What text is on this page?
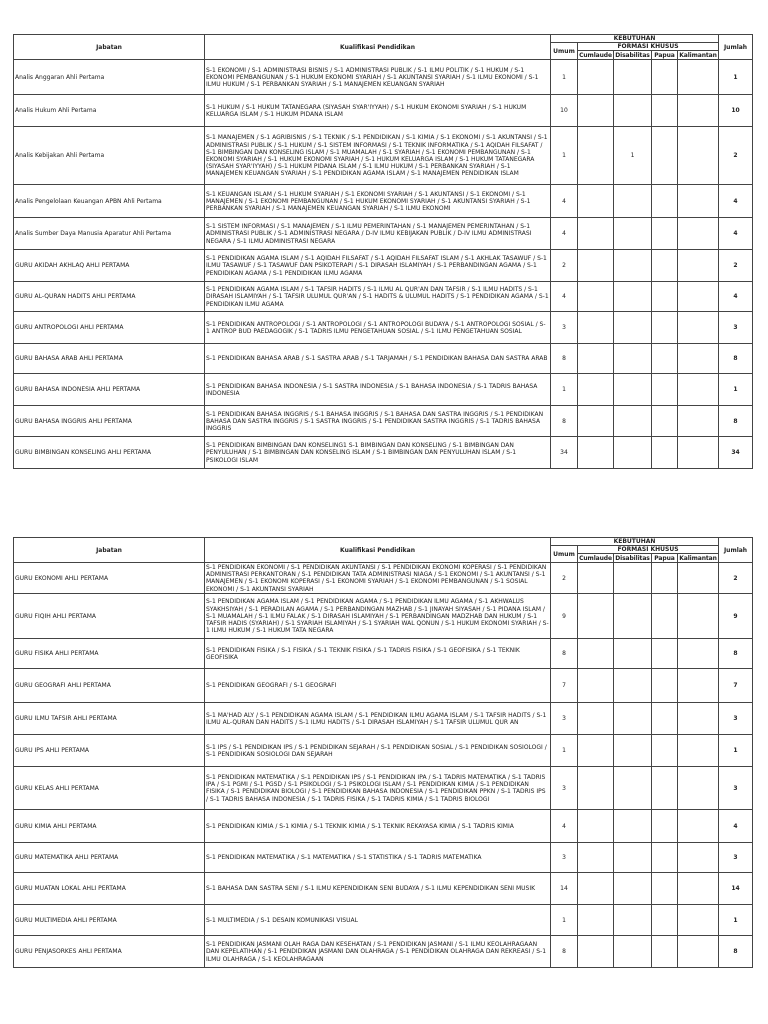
Jabatan	Kualifikasi Pendidikan	KEBUTUHAN					Jumlah
		Umum	FORMASI KHUSUS				
			Cumlaude	Disabilitas	Papua	Kalimantan	
Analis Anggaran Ahli Pertama	S-1 EKONOMI / S-1 ADMINISTRASI BISNIS / S-1 ADMINISTRASI PUBLIK / S-1 ILMU POLITIK / S-1 HUKUM / S-1 EKONOMI PEMBANGUNAN / S-1 HUKUM EKONOMI SYARIAH / S-1 AKUNTANSI SYARIAH / S-1 ILMU EKONOMI / S-1 ILMU HUKUM / S-1 PERBANKAN SYARIAH / S-1 MANAJEMEN KEUANGAN SYARIAH	1					1
Analis Hukum Ahli Pertama	S-1 HUKUM / S-1 HUKUM TATANEGARA (SIYASAH SYAR'IYYAH) / S-1 HUKUM EKONOMI SYARIAH / S-1 HUKUM KELUARGA ISLAM / S-1 HUKUM PIDANA ISLAM	10					10
Analis Kebijakan Ahli Pertama	S-1 MANAJEMEN / S-1 AGRIBISNIS / S-1 TEKNIK / S-1 PENDIDIKAN / S-1 KIMIA / S-1 EKONOMI / S-1 AKUNTANSI / S-1 ADMINISTRASI PUBLIK / S-1 HUKUM / S-1 SISTEM INFORMASI / S-1 TEKNIK INFORMATIKA / S-1 AQIDAH FILSAFAT / S-1 BIMBINGAN DAN KONSELING ISLAM / S-1 MUAMALAH / S-1 SYARIAH / S-1 EKONOMI PEMBANGUNAN / S-1 EKONOMI SYARIAH / S-1 HUKUM EKONOMI SYARIAH / S-1 HUKUM KELUARGA ISLAM / S-1 HUKUM TATANEGARA (SIYASAH SYAR'IYYAH) / S-1 HUKUM PIDANA ISLAM / S-1 ILMU HUKUM / S-1 PERBANKAN SYARIAH / S-1 MANAJEMEN KEUANGAN SYARIAH / S-1 PENDIDIKAN AGAMA ISLAM / S-1 MANAJEMEN PENDIDIKAN ISLAM	1		1			2
Analis Pengelolaan Keuangan APBN Ahli Pertama	S-1 KEUANGAN ISLAM / S-1 HUKUM SYARIAH / S-1 EKONOMI SYARIAH / S-1 AKUNTANSI / S-1 EKONOMI / S-1 MANAJEMEN / S-1 EKONOMI PEMBANGUNAN / S-1 HUKUM EKONOMI SYARIAH / S-1 AKUNTANSI SYARIAH / S-1 PERBANKAN SYARIAH / S-1 MANAJEMEN KEUANGAN SYARIAH / S-1 ILMU EKONOMI	4					4
Analis Sumber Daya Manusia Aparatur Ahli Pertama	S-1 SISTEM INFORMASI / S-1 MANAJEMEN / S-1 ILMU PEMERINTAHAN / S-1 MANAJEMEN PEMERINTAHAN / S-1 ADMINISTRASI PUBLIK / S-1 ADMINISTRASI NEGARA / D-IV ILMU KEBIJAKAN PUBLIK / D-IV ILMU ADMINISTRASI NEGARA / S-1 ILMU ADMINISTRASI NEGARA	4					4
GURU AKIDAH AKHLAQ AHLI PERTAMA	S-1 PENDIDIKAN AGAMA ISLAM / S-1 AQIDAH FILSAFAT / S-1 AQIDAH FILSAFAT ISLAM / S-1 AKHLAK TASAWUF / S-1 ILMU TASAWUF / S-1 TASAWUF DAN PSIKOTERAPI / S-1 DIRASAH ISLAMIYAH / S-1 PERBANDINGAN AGAMA / S-1 PENDIDIKAN AGAMA / S-1 PENDIDIKAN ILMU AGAMA	2					2
GURU AL-QURAN HADITS AHLI PERTAMA	S-1 PENDIDIKAN AGAMA ISLAM / S-1 TAFSIR HADITS / S-1 ILMU AL QUR'AN DAN TAFSIR / S-1 ILMU HADITS / S-1 DIRASAH ISLAMIYAH / S-1 TAFSIR ULUMUL QUR'AN / S-1 HADITS & ULUMUL HADITS / S-1 PENDIDIKAN AGAMA / S-1 PENDIDIKAN ILMU AGAMA	4					4
GURU ANTROPOLOGI AHLI PERTAMA	S-1 PENDIDIKAN ANTROPOLOGI / S-1 ANTROPOLOGI / S-1 ANTROPOLOGI BUDAYA / S-1 ANTROPOLOGI SOSIAL / S-1 ANTROP BUD PAEDAGOGIK / S-1 TADRIS ILMU PENGETAHUAN SOSIAL / S-1 ILMU PENGETAHUAN SOSIAL	3					3
GURU BAHASA ARAB AHLI PERTAMA	S-1 PENDIDIKAN BAHASA ARAB / S-1 SASTRA ARAB / S-1 TARJAMAH / S-1 PENDIDIKAN BAHASA DAN SASTRA ARAB	8					8
GURU BAHASA INDONESIA AHLI PERTAMA	S-1 PENDIDIKAN BAHASA INDONESIA / S-1 SASTRA INDONESIA / S-1 BAHASA INDONESIA / S-1 TADRIS BAHASA INDONESIA	1					1
GURU BAHASA INGGRIS AHLI PERTAMA	S-1 PENDIDIKAN BAHASA INGGRIS / S-1 BAHASA INGGRIS / S-1 BAHASA DAN SASTRA INGGRIS / S-1 PENDIDIKAN BAHASA DAN SASTRA INGGRIS / S-1 SASTRA INGGRIS / S-1 PENDIDIKAN SASTRA INGGRIS / S-1 TADRIS BAHASA INGGRIS	8					8
GURU BIMBINGAN KONSELING AHLI PERTAMA	S-1 PENDIDIKAN BIMBINGAN DAN KONSELING1 S-1 BIMBINGAN DAN KONSELING / S-1 BIMBINGAN DAN PENYULUHAN / S-1 BIMBINGAN DAN KONSELING ISLAM / S-1 BIMBINGAN DAN PENYULUHAN ISLAM / S-1 PSIKOLOGI ISLAM	34					34
Jabatan	Kualifikasi Pendidikan	KEBUTUHAN					Jumlah
		Umum	FORMASI KHUSUS				
			Cumlaude	Disabilitas	Papua	Kalimantan	
GURU EKONOMI AHLI PERTAMA	S-1 PENDIDIKAN EKONOMI / S-1 PENDIDIKAN AKUNTANSI / S-1 PENDIDIKAN EKONOMI KOPERASI / S-1 PENDIDIKAN ADMINISTRASI PERKANTORAN / S-1 PENDIDIKAN TATA ADMINISTRASI NIAGA / S-1 EKONOMI / S-1 AKUNTANSI / S-1 MANAJEMEN / S-1 EKONOMI KOPERASI / S-1 EKONOMI SYARIAH / S-1 EKONOMI PEMBANGUNAN / S-1 SOSIAL EKONOMI / S-1 AKUNTANSI SYARIAH	2					2
GURU FIQIH AHLI PERTAMA	S-1 PENDIDIKAN AGAMA ISLAM / S-1 PENDIDIKAN AGAMA / S-1 PENDIDIKAN ILMU AGAMA / S-1 AKHWALUS SYAKHSIYAH / S-1 PERADILAN AGAMA / S-1 PERBANDINGAN MAZHAB / S-1 JINAYAH SIYASAH / S-1 PIDANA ISLAM / S-1 MUAMALAH / S-1 ILMU FALAK / S-1 DIRASAH ISLAMIYAH / S-1 PERBANDINGAN MADZHAB DAN HUKUM / S-1 TAFSIR HADIS (SYARIAH) / S-1 SYARIAH ISLAMIYAH / S-1 SYARIAH WAL QONUN / S-1 HUKUM EKONOMI SYARIAH / S-1 ILMU HUKUM / S-1 HUKUM TATA NEGARA	9					9
GURU FISIKA AHLI PERTAMA	S-1 PENDIDIKAN FISIKA / S-1 FISIKA / S-1 TEKNIK FISIKA / S-1 TADRIS FISIKA / S-1 GEOFISIKA / S-1 TEKNIK GEOFISIKA	8					8
GURU GEOGRAFI AHLI PERTAMA	S-1 PENDIDIKAN GEOGRAFI / S-1 GEOGRAFI	7					7
GURU ILMU TAFSIR AHLI PERTAMA	S-1 MA'HAD ALY / S-1 PENDIDIKAN AGAMA ISLAM / S-1 PENDIDIKAN ILMU AGAMA ISLAM / S-1 TAFSIR HADITS / S-1 ILMU AL-QURAN DAN HADITS / S-1 ILMU HADITS / S-1 DIRASAH ISLAMIYAH / S-1 TAFSIR ULUMUL QUR AN	3					3
GURU IPS AHLI PERTAMA	S-1 IPS / S-1 PENDIDIKAN IPS / S-1 PENDIDIKAN SEJARAH / S-1 PENDIDIKAN SOSIAL / S-1 PENDIDIKAN SOSIOLOGI / S-1 PENDIDIKAN SOSIOLOGI DAN SEJARAH	1					1
GURU KELAS AHLI PERTAMA	S-1 PENDIDIKAN MATEMATIKA / S-1 PENDIDIKAN IPS / S-1 PENDIDIKAN IPA / S-1 TADRIS MATEMATIKA / S-1 TADRIS IPA / S-1 PGMI / S-1 PGSD / S-1 PSIKOLOGI / S-1 PSIKOLOGI ISLAM / S-1 PENDIDIKAN KIMIA / S-1 PENDIDIKAN FISIKA / S-1 PENDIDIKAN BIOLOGI / S-1 PENDIDIKAN BAHASA INDONESIA / S-1 PENDIDIKAN PPKN / S-1 TADRIS IPS / S-1 TADRIS BAHASA INDONESIA / S-1 TADRIS FISIKA / S-1 TADRIS KIMIA / S-1 TADRIS BIOLOGI	3					3
GURU KIMIA AHLI PERTAMA	S-1 PENDIDIKAN KIMIA / S-1 KIMIA / S-1 TEKNIK KIMIA / S-1 TEKNIK REKAYASA KIMIA / S-1 TADRIS KIMIA	4					4
GURU MATEMATIKA AHLI PERTAMA	S-1 PENDIDIKAN MATEMATIKA / S-1 MATEMATIKA / S-1 STATISTIKA / S-1 TADRIS MATEMATIKA	3					3
GURU MUATAN LOKAL AHLI PERTAMA	S-1 BAHASA DAN SASTRA SENI / S-1 ILMU KEPENDIDIKAN SENI BUDAYA / S-1 ILMU KEPENDIDIKAN SENI MUSIK	14					14
GURU MULTIMEDIA AHLI PERTAMA	S-1 MULTIMEDIA / S-1 DESAIN KOMUNIKASI VISUAL	1					1
GURU PENJASORKES AHLI PERTAMA	S-1 PENDIDIKAN JASMANI OLAH RAGA DAN KESEHATAN / S-1 PENDIDIKAN JASMANI / S-1 ILMU KEOLAHRAGAAN DAN KEPELATIHAN / S-1 PENDIDIKAN JASMANI DAN OLAHRAGA / S-1 PENDIDIKAN OLAHRAGA DAN REKREASI / S-1 ILMU OLAHRAGA / S-1 KEOLAHRAGAAN	8					8
